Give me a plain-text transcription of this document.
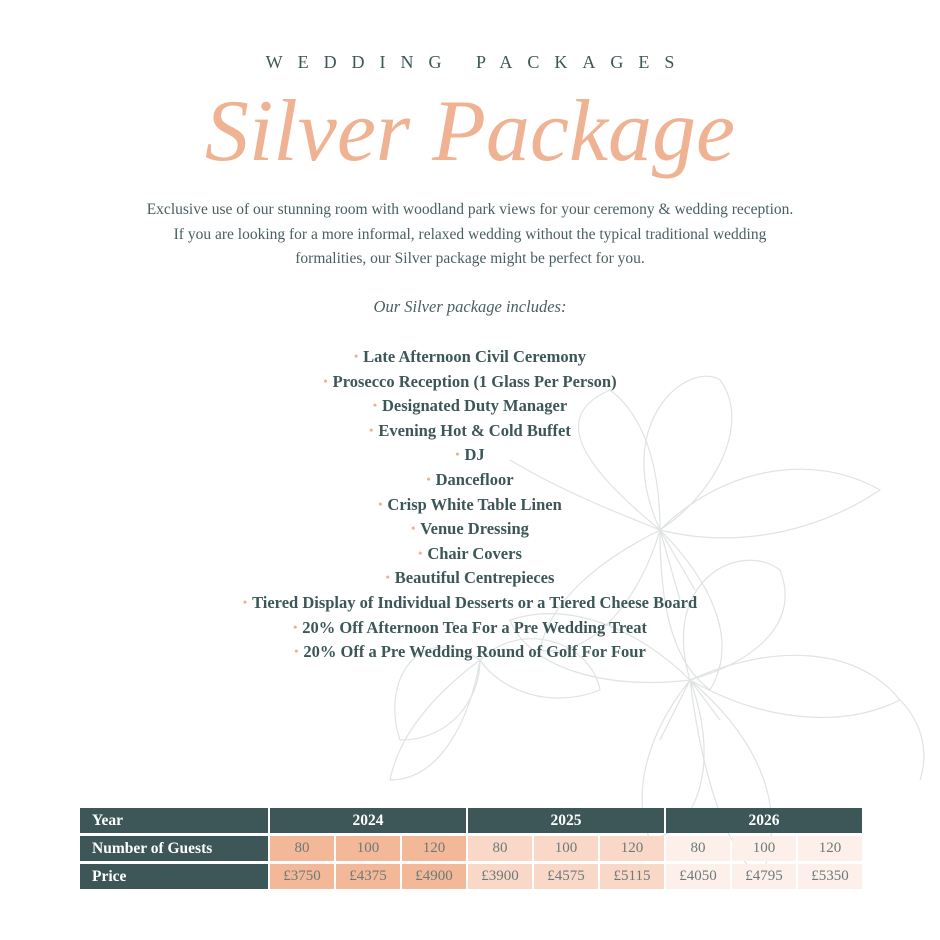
WEDDING PACKAGES
Silver Package

Exclusive use of our stunning room with woodland park views for your ceremony & wedding reception.

If you are looking for a more informal, relaxed wedding without the typical traditional wedding

formalities, our Silver package might be perfect for you.

Our Silver package includes:
• Late Afternoon Civil Ceremony
• Prosecco Reception (1 Glass Per Person)
• Designated Duty Manager
• Evening Hot & Cold Buffet
• DJ
• Dancefloor
• Crisp White Table Linen
• Venue Dressing
• Chair Covers
• Beautiful Centrepieces
• Tiered Display of Individual Desserts or a Tiered Cheese Board
• 20% Off Afternoon Tea For a Pre Wedding Treat
• 20% Off a Pre Wedding Round of Golf For Four
Year	2024			2025			2026		
Number of Guests	80	100	120	80	100	120	80	100	120
Price	£3750	£4375	£4900	£3900	£4575	£5115	£4050	£4795	£5350
